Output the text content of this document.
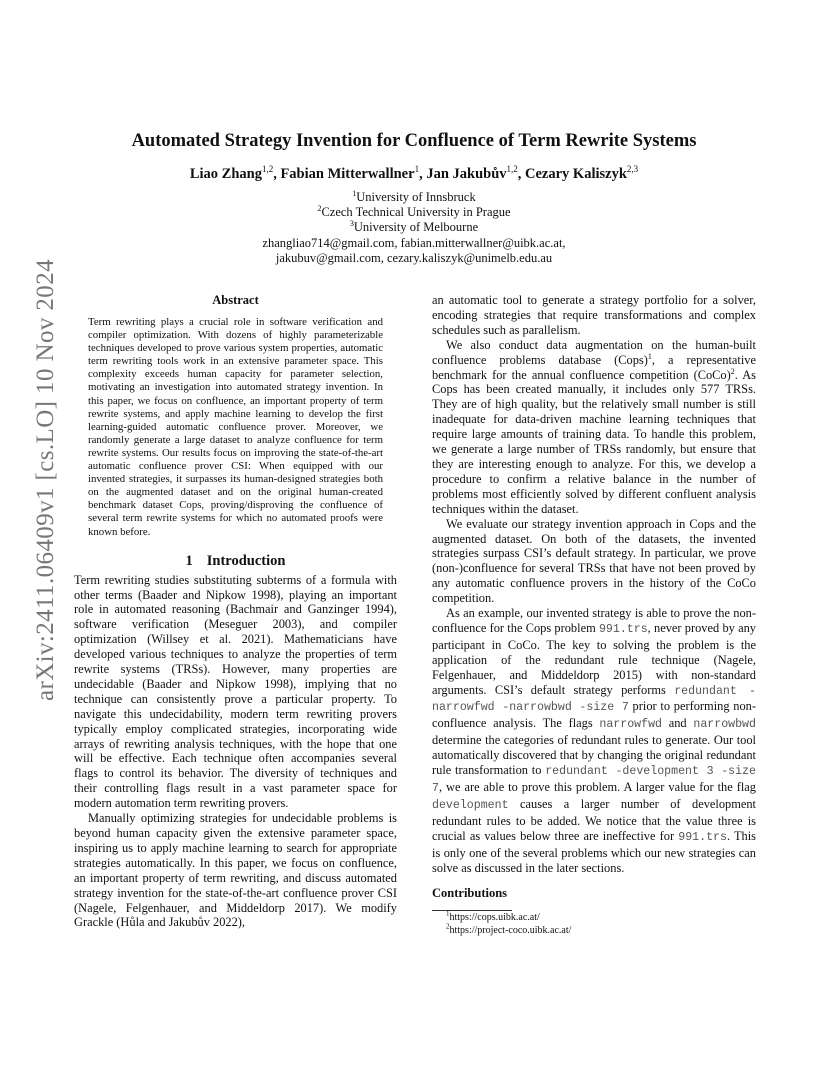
Automated Strategy Invention for Confluence of Term Rewrite Systems
Liao Zhang$^{1,2}$, Fabian Mitterwallner$^1$, Jan Jakubův$^{1,2}$, Cezary Kaliszyk$^{2,3}$
$^1$University of Innsbruck
$^2$Czech Technical University in Prague
$^3$University of Melbourne
zhangliao714@gmail.com, fabian.mitterwallner@uibk.ac.at,
jakubuv@gmail.com, cezary.kaliszyk@unimelb.edu.au
arXiv:2411.06409v1 [cs.LO] 10 Nov 2024	Abstract
Term rewriting plays a crucial role in software verification and compiler optimization. With dozens of highly parameterizable techniques developed to prove various system properties, automatic term rewriting tools work in an extensive parameter space. This complexity exceeds human capacity for parameter selection, motivating an investigation into automated strategy invention. In this paper, we focus on confluence, an important property of term rewrite systems, and apply machine learning to develop the first learning-guided automatic confluence prover. Moreover, we randomly generate a large dataset to analyze confluence for term rewrite systems. Our results focus on improving the state-of-the-art automatic confluence prover CSI: When equipped with our invented strategies, it surpasses its human-designed strategies both on the augmented dataset and on the original human-created benchmark dataset Cops, proving/disproving the confluence of several term rewrite systems for which no automated proofs were known before.
1 Introduction

Term rewriting studies substituting subterms of a formula with other terms (Baader and Nipkow 1998), playing an important role in automated reasoning (Bachmair and Ganzinger 1994), software verification (Meseguer 2003), and compiler optimization (Willsey et al. 2021). Mathematicians have developed various techniques to analyze the properties of term rewrite systems (TRSs). However, many properties are undecidable (Baader and Nipkow 1998), implying that no technique can consistently prove a particular property. To navigate this undecidability, modern term rewriting provers typically employ complicated strategies, incorporating wide arrays of rewriting analysis techniques, with the hope that one will be effective. Each technique often accompanies several flags to control its behavior. The diversity of techniques and their controlling flags result in a vast parameter space for modern automation term rewriting provers.

Manually optimizing strategies for undecidable problems is beyond human capacity given the extensive parameter space, inspiring us to apply machine learning to search for appropriate strategies automatically. In this paper, we focus on confluence, an important property of term rewriting, and discuss automated strategy invention for the state-of-the-art confluence prover CSI (Nagele, Felgenhauer, and Middeldorp 2017). We modify Grackle (Hůla and Jakubův 2022),

an automatic tool to generate a strategy portfolio for a solver, encoding strategies that require transformations and complex schedules such as parallelism.

We also conduct data augmentation on the human-built confluence problems database (Cops)$^1$, a representative benchmark for the annual confluence competition (CoCo)$^2$. As Cops has been created manually, it includes only 577 TRSs. They are of high quality, but the relatively small number is still inadequate for data-driven machine learning techniques that require large amounts of training data. To handle this problem, we generate a large number of TRSs randomly, but ensure that they are interesting enough to analyze. For this, we develop a procedure to confirm a relative balance in the number of problems most efficiently solved by different confluent analysis techniques within the dataset.

We evaluate our strategy invention approach in Cops and the augmented dataset. On both of the datasets, the invented strategies surpass CSI’s default strategy. In particular, we prove (non-)confluence for several TRSs that have not been proved by any automatic confluence provers in the history of the CoCo competition.

As an example, our invented strategy is able to prove the non-confluence for the Cops problem 991.trs, never proved by any participant in CoCo. The key to solving the problem is the application of the redundant rule technique (Nagele, Felgenhauer, and Middeldorp 2015) with non-standard arguments. CSI’s default strategy performs redundant -narrowfwd -narrowbwd -size 7 prior to performing non-confluence analysis. The flags narrowfwd and narrowbwd determine the categories of redundant rules to generate. Our tool automatically discovered that by changing the original redundant rule transformation to redundant -development 3 -size 7, we are able to prove this problem. A larger value for the flag development causes a larger number of development redundant rules to be added. We notice that the value three is crucial as values below three are ineffective for 991.trs. This is only one of the several problems which our new strategies can solve as discussed in the later sections.

Contributions
$^1$https://cops.uibk.ac.at/
$^2$https://project-coco.uibk.ac.at/
